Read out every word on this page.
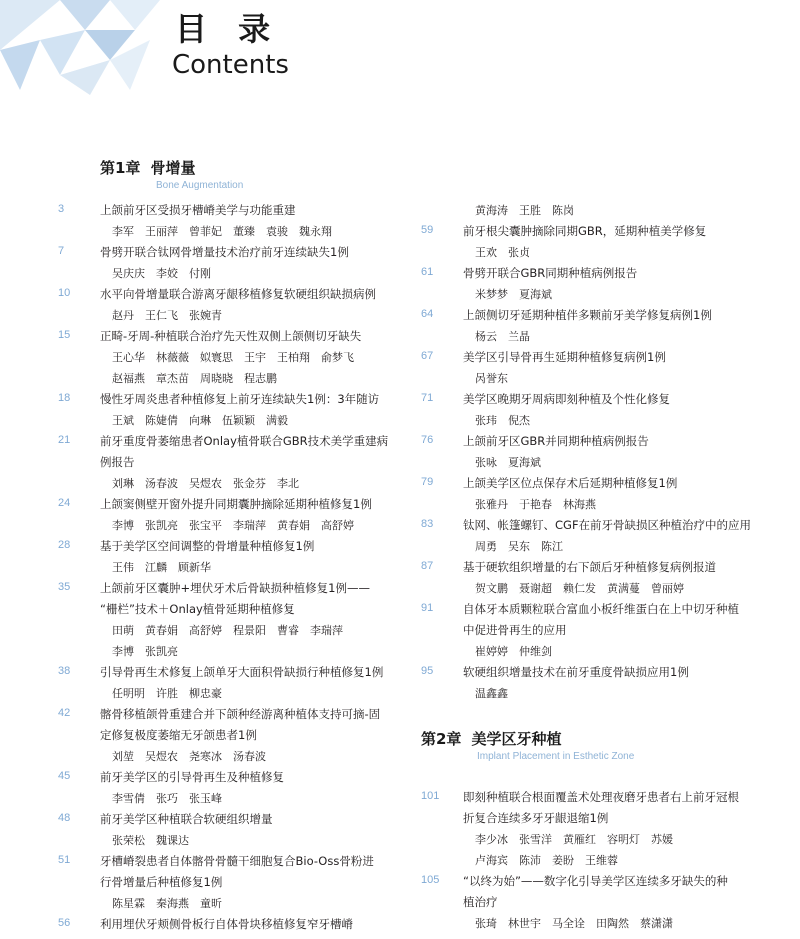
目 录
Contents
第1章 骨增量
Bone Augmentation
3	上颌前牙区受损牙槽嵴美学与功能重建
李军　王丽萍　曾菲妃　董臻　袁骏　魏永翔
7	骨劈开联合钛网骨增量技术治疗前牙连续缺失1例
吴庆庆　李姣　付刚
10	水平向骨增量联合游离牙龈移植修复软硬组织缺损病例
赵丹　王仁飞　张婉青
15	正畸-牙周-种植联合治疗先天性双侧上颌侧切牙缺失
王心华　林薇薇　姒寰思　王宇　王柏翔　俞梦飞
赵福燕　章杰苗　周晓晓　程志鹏
18	慢性牙周炎患者种植修复上前牙连续缺失1例：3年随访
王斌　陈婕倩　向琳　伍颖颖　满毅
21	前牙重度骨萎缩患者Onlay植骨联合GBR技术美学重建病
例报告
刘琳　汤春波　吴煜农　张金芬　李北
24	上颌窦侧壁开窗外提升同期囊肿摘除延期种植修复1例
李博　张凯亮　张宝平　李瑞萍　黄春娟　高舒婷
28	基于美学区空间调整的骨增量种植修复1例
王伟　江麟　顾新华
35	上颌前牙区囊肿+埋伏牙术后骨缺损种植修复1例——
“栅栏”技术＋Onlay植骨延期种植修复
田萌　黄春娟　高舒婷　程景阳　曹睿　李瑞萍
李博　张凯亮
38	引导骨再生术修复上颌单牙大面积骨缺损行种植修复1例
任明明　许胜　柳忠豪
42	髂骨移植颌骨重建合并下颌种经游离种植体支持可摘-固
定修复极度萎缩无牙颌患者1例
刘堃　吴煜农　尧寒冰　汤春波
45	前牙美学区的引导骨再生及种植修复
李雪倩　张巧　张玉峰
48	前牙美学区种植联合软硬组织增量
张荣松　魏课达
51	牙槽嵴裂患者自体髂骨骨髓干细胞复合Bio-Oss骨粉进
行骨增量后种植修复1例
陈星霖　秦海燕　童昕
56	利用埋伏牙颊侧骨板行自体骨块移植修复窄牙槽嵴
黄海涛　王胜　陈岗
59	前牙根尖囊肿摘除同期GBR，延期种植美学修复
王欢　张贞
61	骨劈开联合GBR同期种植病例报告
米梦梦　夏海斌
64	上颌侧切牙延期种植伴多颗前牙美学修复病例1例
杨云　兰晶
67	美学区引导骨再生延期种植修复病例1例
呙誉东
71	美学区晚期牙周病即刻种植及个性化修复
张玮　倪杰
76	上颌前牙区GBR并同期种植病例报告
张咏　夏海斌
79	上颌美学区位点保存术后延期种植修复1例
张雅丹　于艳春　林海燕
83	钛网、帐篷螺钉、CGF在前牙骨缺损区种植治疗中的应用
周勇　吴东　陈江
87	基于硬软组织增量的右下颌后牙种植修复病例报道
贺文鹏　聂谢超　赖仁发　黄满蔓　曾丽婷
91	自体牙本质颗粒联合富血小板纤维蛋白在上中切牙种植
中促进骨再生的应用
崔婷婷　仲维剑
95	软硬组织增量技术在前牙重度骨缺损应用1例
温鑫鑫
第2章 美学区牙种植
Implant Placement in Esthetic Zone
101	即刻种植联合根面覆盖术处理夜磨牙患者右上前牙冠根
折复合连续多牙牙龈退缩1例
李少冰　张雪洋　黄雁红　容明灯　苏媛
卢海宾　陈沛　姜盼　王维蓉
105	“以终为始”——数字化引导美学区连续多牙缺失的种
植治疗
张琦　林世宇　马全诠　田陶然　蔡潇潇
